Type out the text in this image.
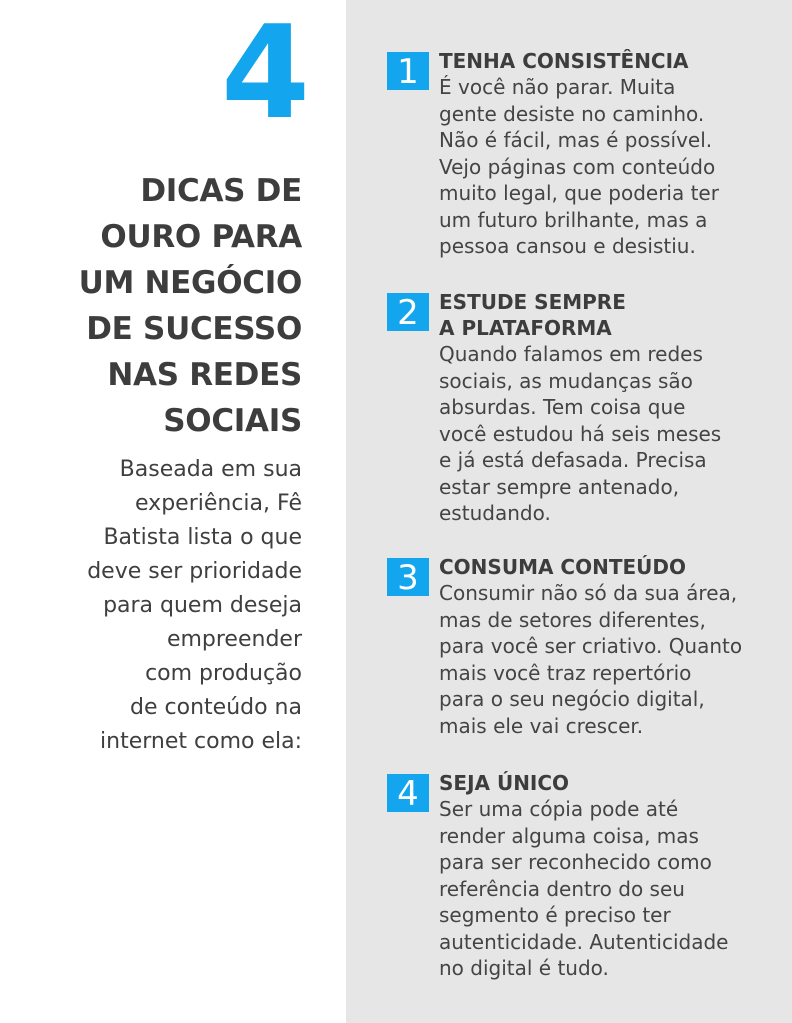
4
DICAS DE
OURO PARA
UM NEGÓCIO
DE SUCESSO
NAS REDES
SOCIAIS

Baseada em sua
experiência, Fê
Batista lista o que
deve ser prioridade
para quem deseja
empreender
com produção
de conteúdo na
internet como ela:

1	TENHA CONSISTÊNCIA

É você não parar. Muita
gente desiste no caminho.
Não é fácil, mas é possível.
Vejo páginas com conteúdo
muito legal, que poderia ter
um futuro brilhante, mas a
pessoa cansou e desistiu.

2	ESTUDE SEMPRE
A PLATAFORMA

Quando falamos em redes
sociais, as mudanças são
absurdas. Tem coisa que
você estudou há seis meses
e já está defasada. Precisa
estar sempre antenado,
estudando.

3	CONSUMA CONTEÚDO

Consumir não só da sua área,
mas de setores diferentes,
para você ser criativo. Quanto
mais você traz repertório
para o seu negócio digital,
mais ele vai crescer.

4	SEJA ÚNICO

Ser uma cópia pode até
render alguma coisa, mas
para ser reconhecido como
referência dentro do seu
segmento é preciso ter
autenticidade. Autenticidade
no digital é tudo.
